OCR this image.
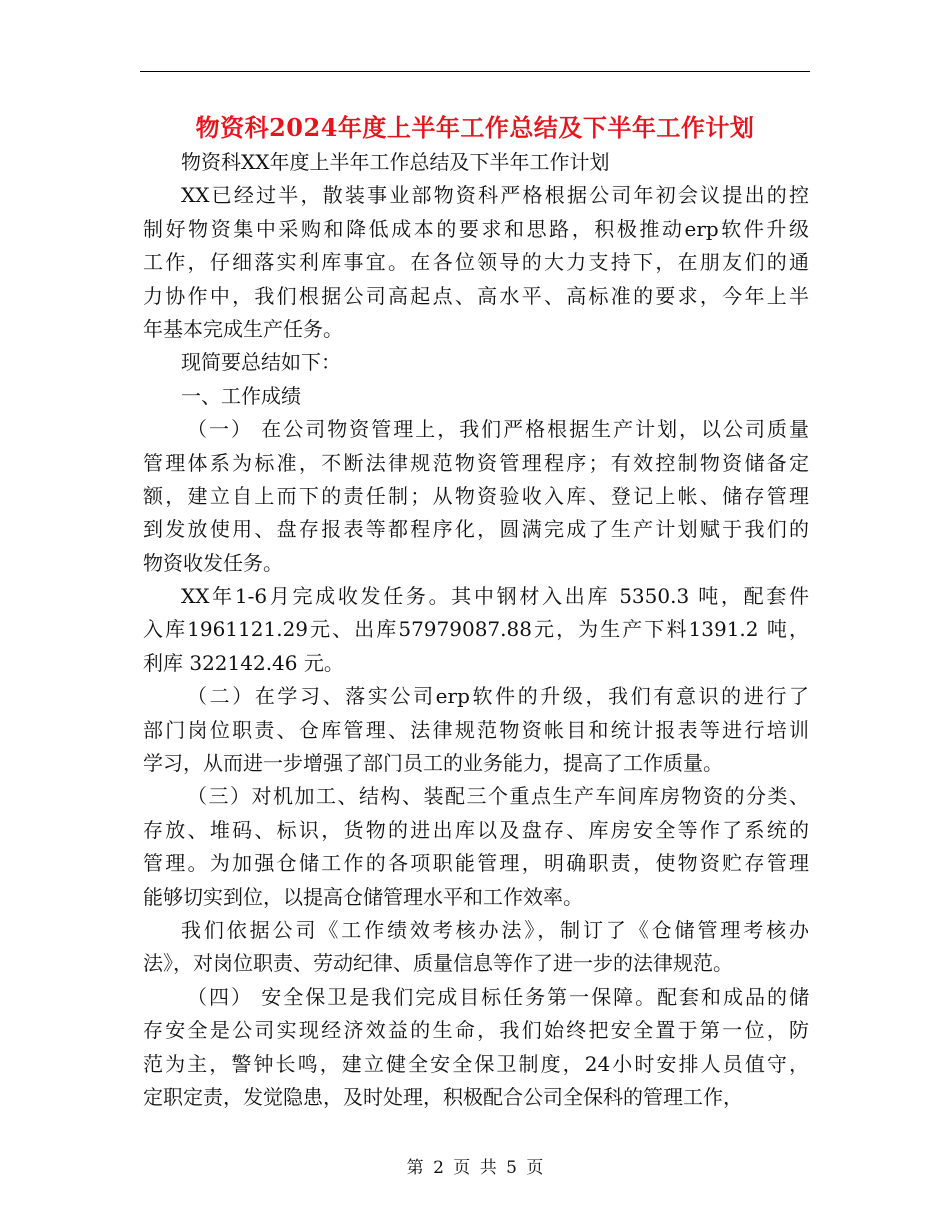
物资科2024年度上半年工作总结及下半年工作计划
物资科XX年度上半年工作总结及下半年工作计划
XX已经过半，散装事业部物资科严格根据公司年初会议提出的控
制好物资集中采购和降低成本的要求和思路，积极推动erp软件升级
工作，仔细落实利库事宜。在各位领导的大力支持下，在朋友们的通
力协作中，我们根据公司高起点、高水平、高标准的要求，今年上半
年基本完成生产任务。
现简要总结如下：
一、工作成绩
（一） 在公司物资管理上，我们严格根据生产计划，以公司质量
管理体系为标准，不断法律规范物资管理程序；有效控制物资储备定
额，建立自上而下的责任制；从物资验收入库、登记上帐、储存管理
到发放使用、盘存报表等都程序化，圆满完成了生产计划赋于我们的
物资收发任务。
XX年1-6月完成收发任务。其中钢材入出库 5350.3 吨，配套件
入库1961121.29元、出库57979087.88元，为生产下料1391.2 吨，
利库 322142.46 元。
（二）在学习、落实公司erp软件的升级，我们有意识的进行了
部门岗位职责、仓库管理、法律规范物资帐目和统计报表等进行培训
学习，从而进一步增强了部门员工的业务能力，提高了工作质量。
（三）对机加工、结构、装配三个重点生产车间库房物资的分类、
存放、堆码、标识，货物的进出库以及盘存、库房安全等作了系统的
管理。为加强仓储工作的各项职能管理，明确职责，使物资贮存管理
能够切实到位，以提高仓储管理水平和工作效率。
我们依据公司《工作绩效考核办法》，制订了《仓储管理考核办
法》，对岗位职责、劳动纪律、质量信息等作了进一步的法律规范。
（四） 安全保卫是我们完成目标任务第一保障。配套和成品的储
存安全是公司实现经济效益的生命，我们始终把安全置于第一位，防
范为主，警钟长鸣，建立健全安全保卫制度，24小时安排人员值守，
定职定责，发觉隐患，及时处理，积极配合公司全保科的管理工作，
第 2 页 共 5 页
